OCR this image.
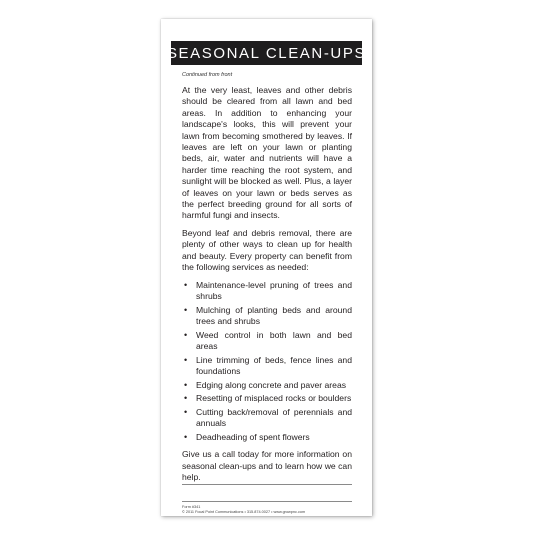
SEASONAL CLEAN-UPS
Continued from front

At the very least, leaves and other debris should be cleared from all lawn and bed areas. In addition to enhancing your landscape's looks, this will prevent your lawn from becoming smothered by leaves. If leaves are left on your lawn or planting beds, air, water and nutrients will have a harder time reaching the root system, and sunlight will be blocked as well. Plus, a layer of leaves on your lawn or beds serves as the perfect breeding ground for all sorts of harmful fungi and insects.

Beyond leaf and debris removal, there are plenty of other ways to clean up for health and beauty. Every property can benefit from the following services as needed:

• Maintenance-level pruning of trees and shrubs
• Mulching of planting beds and around trees and shrubs
• Weed control in both lawn and bed areas
• Line trimming of beds, fence lines and foundations
• Edging along concrete and paver areas
• Resetting of misplaced rocks or boulders
• Cutting back/removal of perennials and annuals
• Deadheading of spent flowers

Give us a call today for more information on seasonal clean-ups and to learn how we can help.

Form #341
© 2011 Focal Point Communications • 315.874.0027 • www.growpnc.com
